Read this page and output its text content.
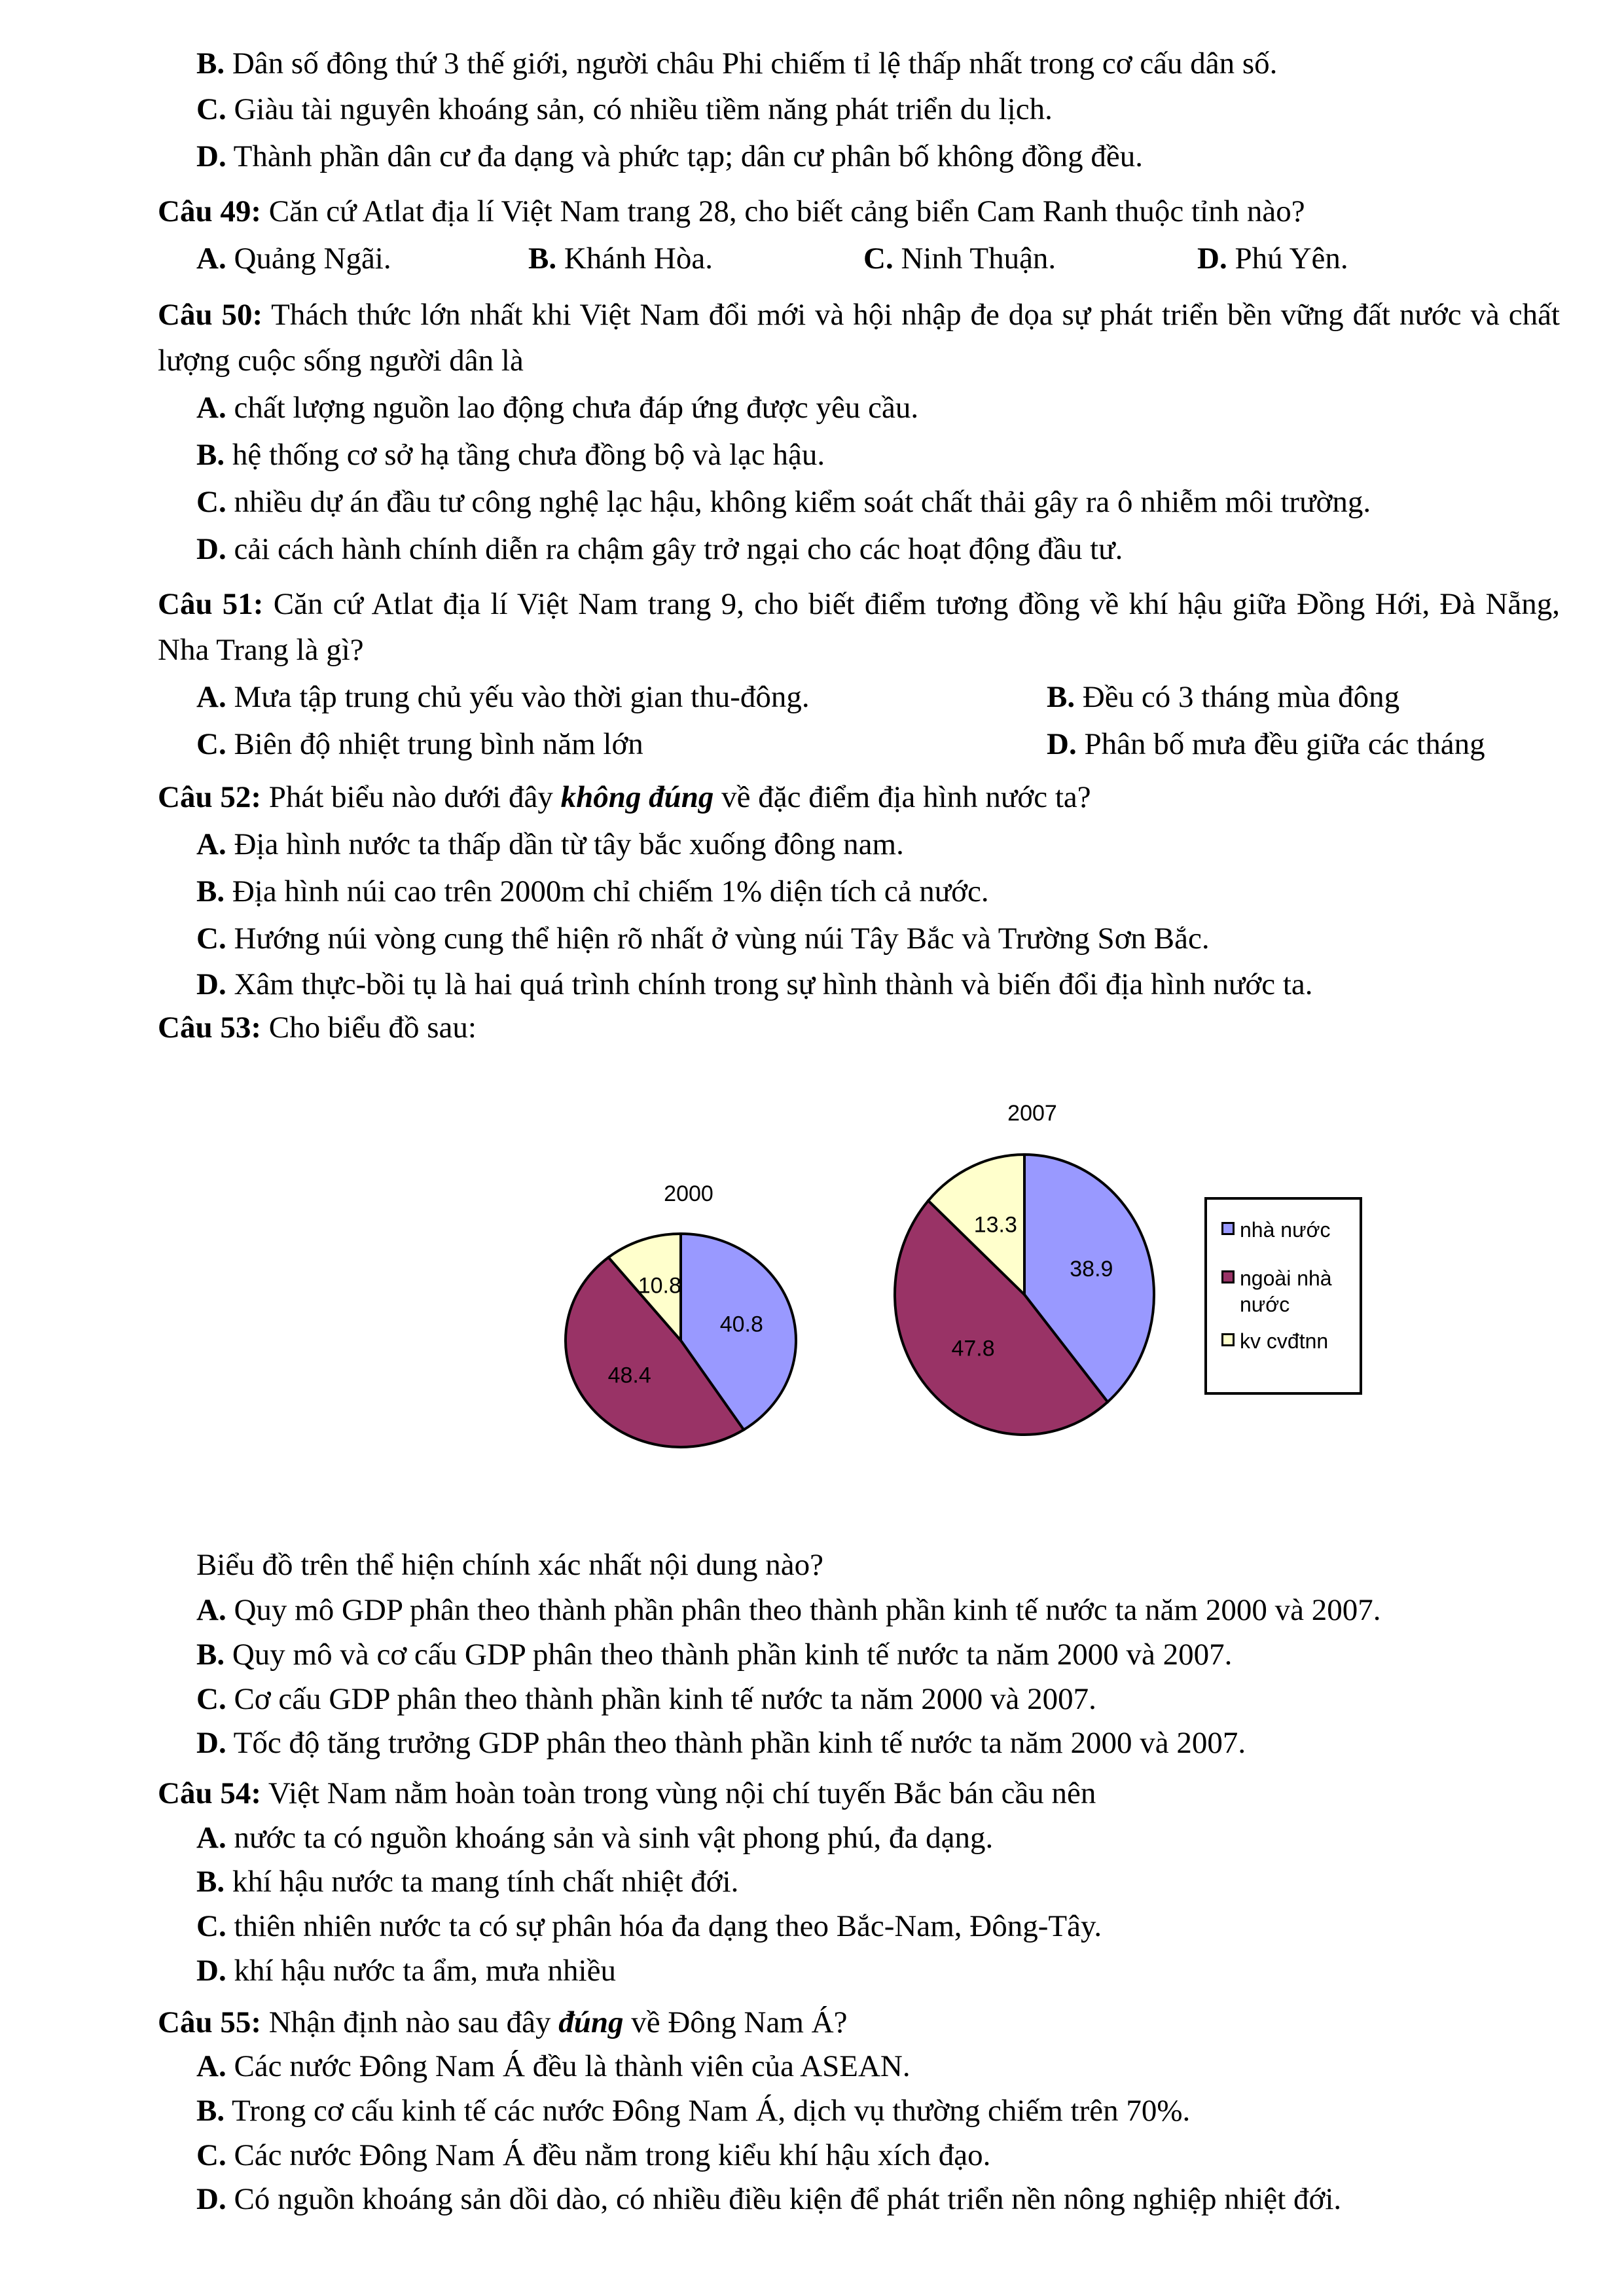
B. Dân số đông thứ 3 thế giới, người châu Phi chiếm tỉ lệ thấp nhất trong cơ cấu dân số.
C. Giàu tài nguyên khoáng sản, có nhiều tiềm năng phát triển du lịch.
D. Thành phần dân cư đa dạng và phức tạp; dân cư phân bố không đồng đều.
Câu 49: Căn cứ Atlat địa lí Việt Nam trang 28, cho biết cảng biển Cam Ranh thuộc tỉnh nào?
A. Quảng Ngãi.	B. Khánh Hòa.	C. Ninh Thuận.	D. Phú Yên.
Câu 50: Thách thức lớn nhất khi Việt Nam đổi mới và hội nhập đe dọa sự phát triển bền vững đất nước và chất lượng cuộc sống người dân là
A. chất lượng nguồn lao động chưa đáp ứng được yêu cầu.
B. hệ thống cơ sở hạ tầng chưa đồng bộ và lạc hậu.
C. nhiều dự án đầu tư công nghệ lạc hậu, không kiểm soát chất thải gây ra ô nhiễm môi trường.
D. cải cách hành chính diễn ra chậm gây trở ngại cho các hoạt động đầu tư.
Câu 51: Căn cứ Atlat địa lí Việt Nam trang 9, cho biết điểm tương đồng về khí hậu giữa Đồng Hới, Đà Nẵng, Nha Trang là gì?
A. Mưa tập trung chủ yếu vào thời gian thu-đông.	B. Đều có 3 tháng mùa đông
C. Biên độ nhiệt trung bình năm lớn	D. Phân bố mưa đều giữa các tháng
Câu 52: Phát biểu nào dưới đây không đúng về đặc điểm địa hình nước ta?
A. Địa hình nước ta thấp dần từ tây bắc xuống đông nam.
B. Địa hình núi cao trên 2000m chỉ chiếm 1% diện tích cả nước.
C. Hướng núi vòng cung thể hiện rõ nhất ở vùng núi Tây Bắc và Trường Sơn Bắc.
D. Xâm thực-bồi tụ là hai quá trình chính trong sự hình thành và biến đổi địa hình nước ta.
Câu 53: Cho biểu đồ sau:
2000
40.8
48.4
10.8
2007
38.9
47.8
13.3	nhà nước
ngoài nhà nước
kv cvđtnn
Biểu đồ trên thể hiện chính xác nhất nội dung nào?
A. Quy mô GDP phân theo thành phần phân theo thành phần kinh tế nước ta năm 2000 và 2007.
B. Quy mô và cơ cấu GDP phân theo thành phần kinh tế nước ta năm 2000 và 2007.
C. Cơ cấu GDP phân theo thành phần kinh tế nước ta năm 2000 và 2007.
D. Tốc độ tăng trưởng GDP phân theo thành phần kinh tế nước ta năm 2000 và 2007.
Câu 54: Việt Nam nằm hoàn toàn trong vùng nội chí tuyến Bắc bán cầu nên
A. nước ta có nguồn khoáng sản và sinh vật phong phú, đa dạng.
B. khí hậu nước ta mang tính chất nhiệt đới.
C. thiên nhiên nước ta có sự phân hóa đa dạng theo Bắc-Nam, Đông-Tây.
D. khí hậu nước ta ẩm, mưa nhiều
Câu 55: Nhận định nào sau đây đúng về Đông Nam Á?
A. Các nước Đông Nam Á đều là thành viên của ASEAN.
B. Trong cơ cấu kinh tế các nước Đông Nam Á, dịch vụ thường chiếm trên 70%.
C. Các nước Đông Nam Á đều nằm trong kiểu khí hậu xích đạo.
D. Có nguồn khoáng sản dồi dào, có nhiều điều kiện để phát triển nền nông nghiệp nhiệt đới.
